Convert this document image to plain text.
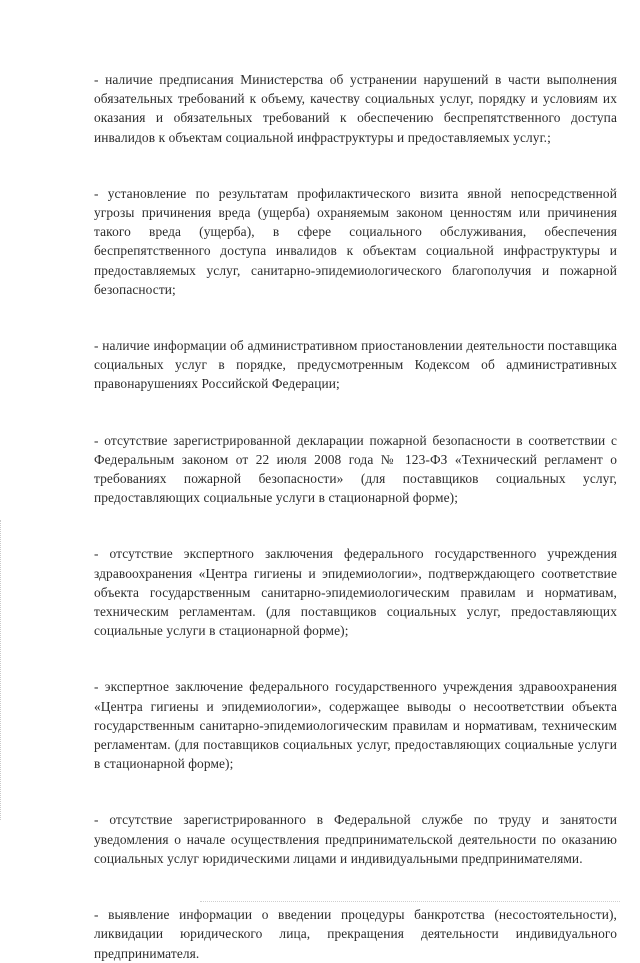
- наличие предписания Министерства об устранении нарушений в части выполнения обязательных требований к объему, качеству социальных услуг, порядку и условиям их оказания и обязательных требований к обеспечению беспрепятственного доступа инвалидов к объектам социальной инфраструктуры и предоставляемых услуг.;

- установление по результатам профилактического визита явной непосредственной угрозы причинения вреда (ущерба) охраняемым законом ценностям или причинения такого вреда (ущерба), в сфере социального обслуживания, обеспечения беспрепятственного доступа инвалидов к объектам социальной инфраструктуры и предоставляемых услуг, санитарно-эпидемиологического благополучия и пожарной безопасности;

- наличие информации об административном приостановлении деятельности поставщика социальных услуг в порядке, предусмотренным Кодексом об административных правонарушениях Российской Федерации;

- отсутствие зарегистрированной декларации пожарной безопасности в соответствии с Федеральным законом от 22 июля 2008 года № 123-ФЗ «Технический регламент о требованиях пожарной безопасности» (для поставщиков социальных услуг, предоставляющих социальные услуги в стационарной форме);

- отсутствие экспертного заключения федерального государственного учреждения здравоохранения «Центра гигиены и эпидемиологии», подтверждающего соответствие объекта государственным санитарно-эпидемиологическим правилам и нормативам, техническим регламентам. (для поставщиков социальных услуг, предоставляющих социальные услуги в стационарной форме);

- экспертное заключение федерального государственного учреждения здравоохранения «Центра гигиены и эпидемиологии», содержащее выводы о несоответствии объекта государственным санитарно-эпидемиологическим правилам и нормативам, техническим регламентам. (для поставщиков социальных услуг, предоставляющих социальные услуги в стационарной форме);

- отсутствие зарегистрированного в Федеральной службе по труду и занятости уведомления о начале осуществления предпринимательской деятельности по оказанию социальных услуг юридическими лицами и индивидуальными предпринимателями.

- выявление информации о введении процедуры банкротства (несостоятельности), ликвидации юридического лица, прекращения деятельности индивидуального предпринимателя.
